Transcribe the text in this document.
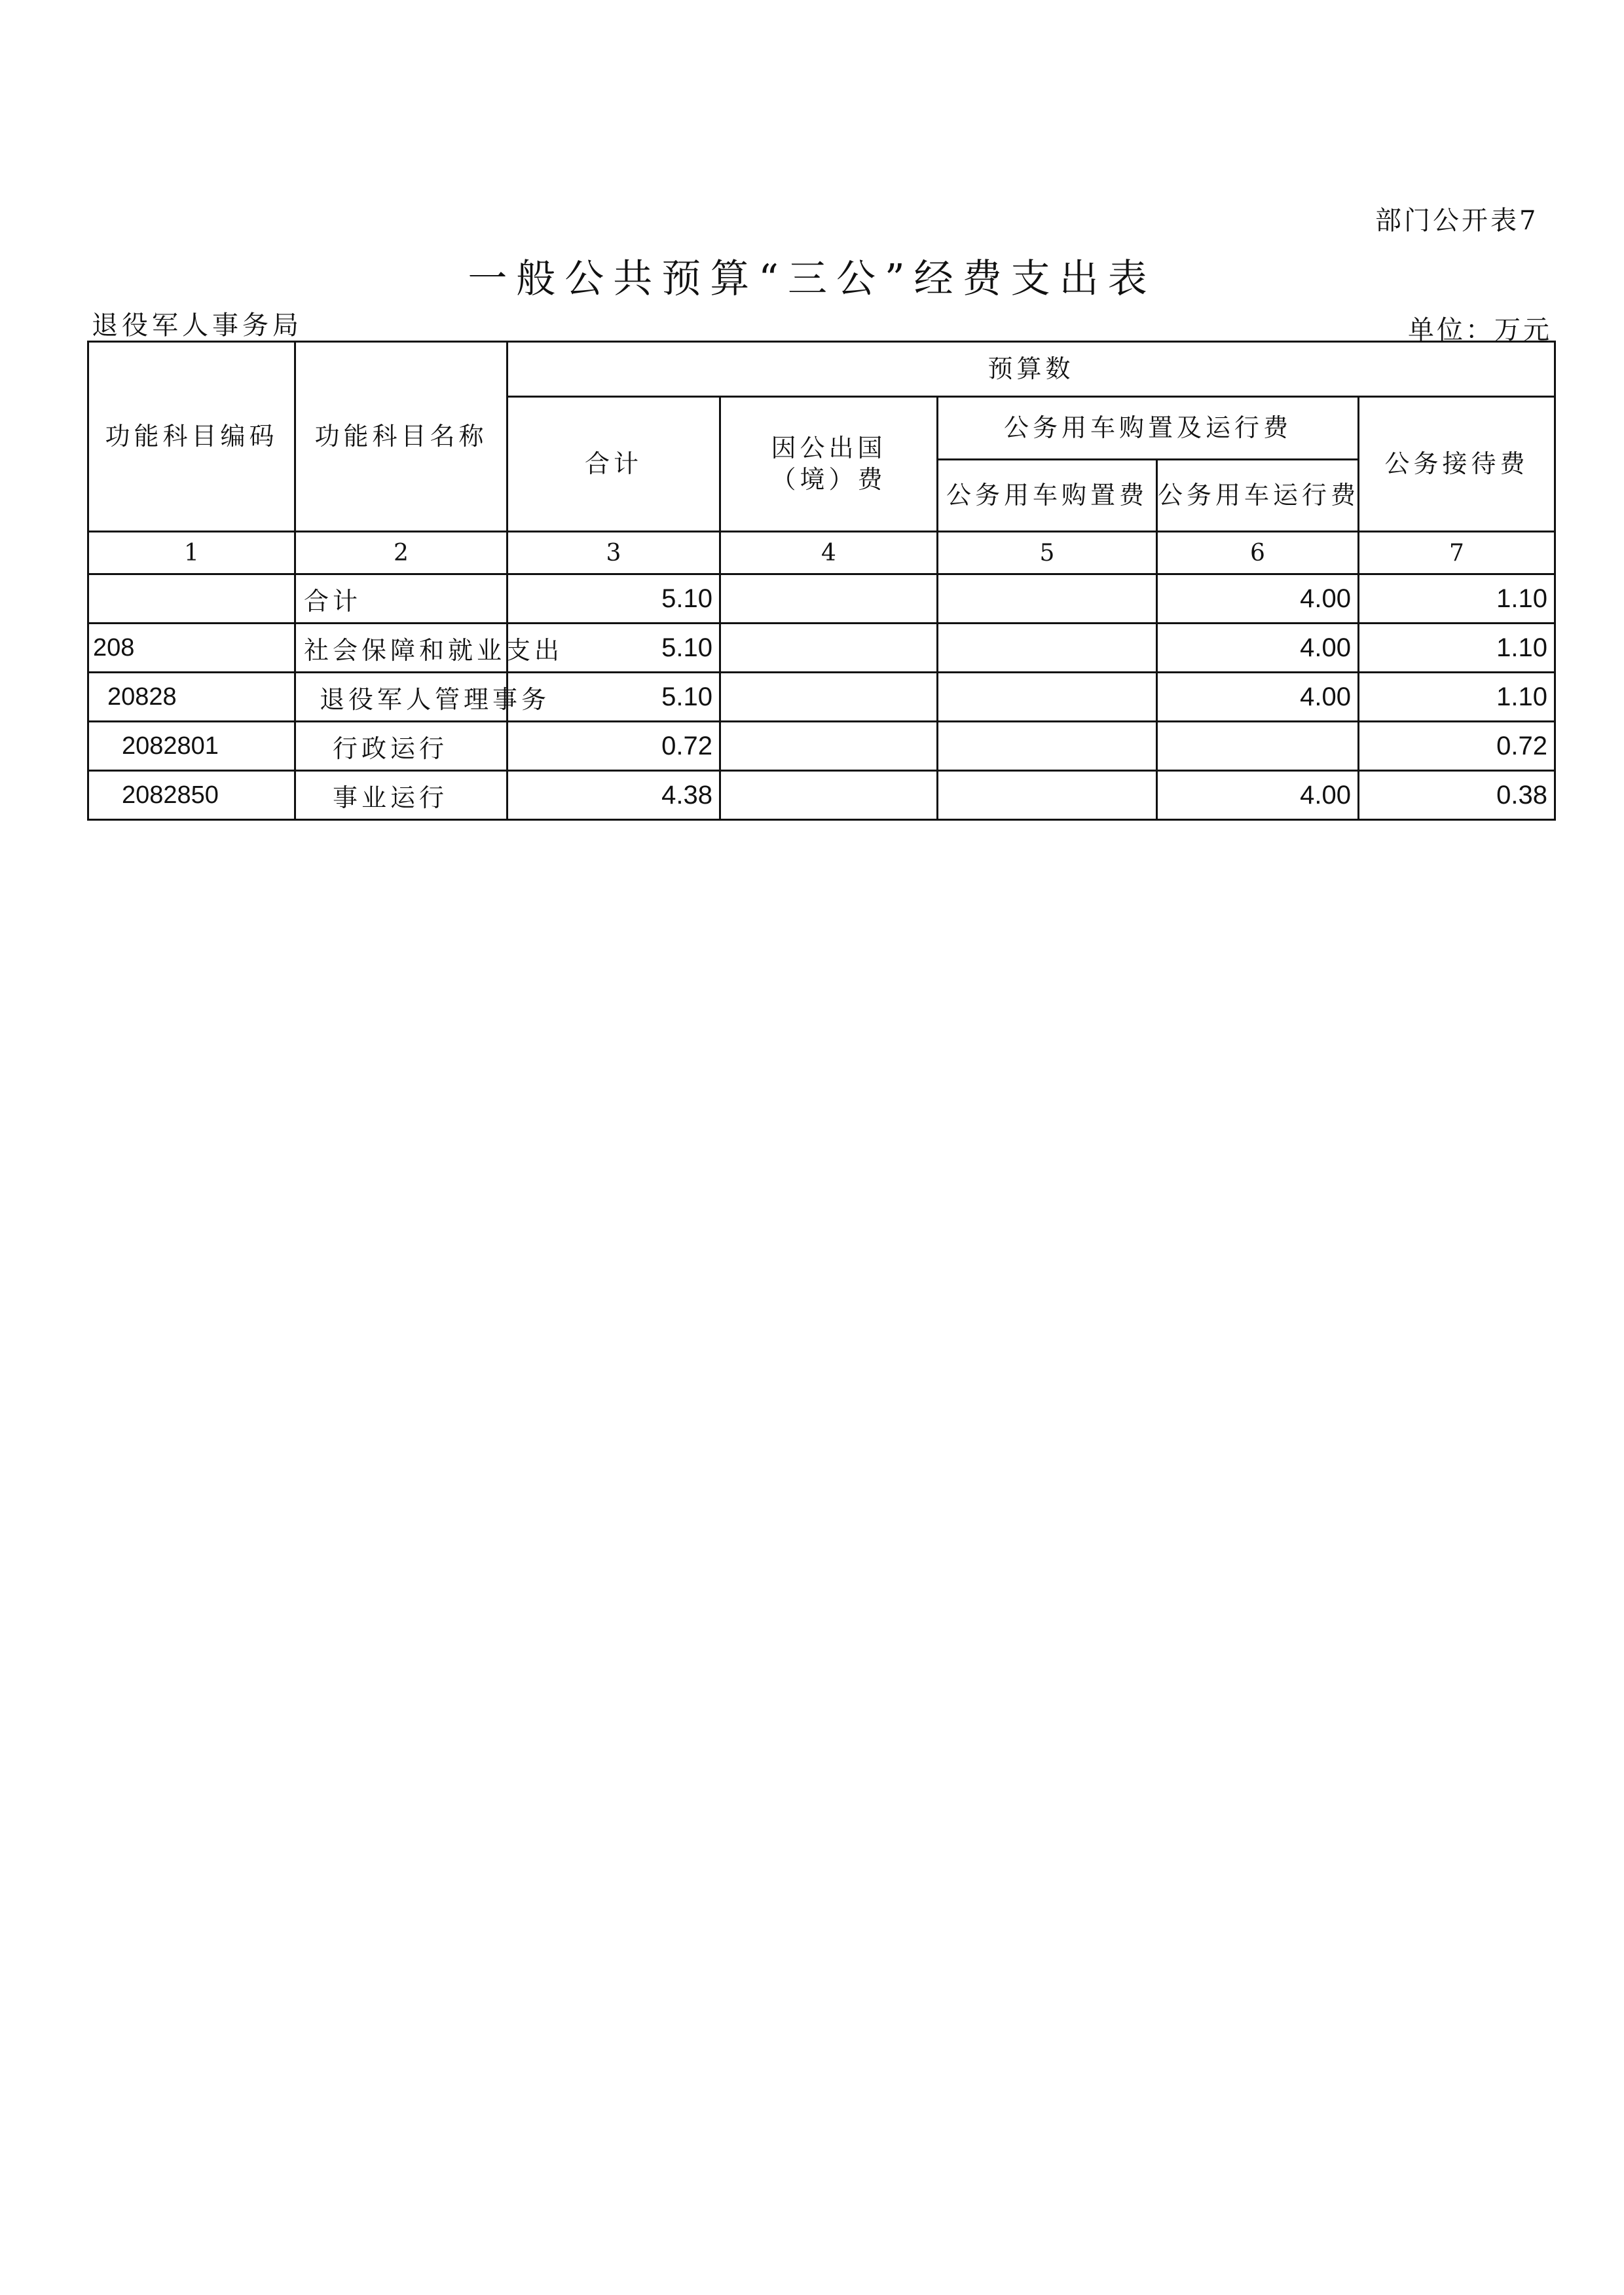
部门公开表7
一般公共预算“三公”经费支出表
退役军人事务局	单位：万元
功能科目编码	功能科目名称	预算数				
		合计	因公出国（境）费	公务用车购置及运行费		公务接待费
				公务用车购置费	公务用车运行费	
1	2	3	4	5	6	7
	合计	5.10			4.00	1.10
208	社会保障和就业支出	5.10			4.00	1.10
20828	退役军人管理事务	5.10			4.00	1.10
2082801	行政运行	0.72				0.72
2082850	事业运行	4.38			4.00	0.38
